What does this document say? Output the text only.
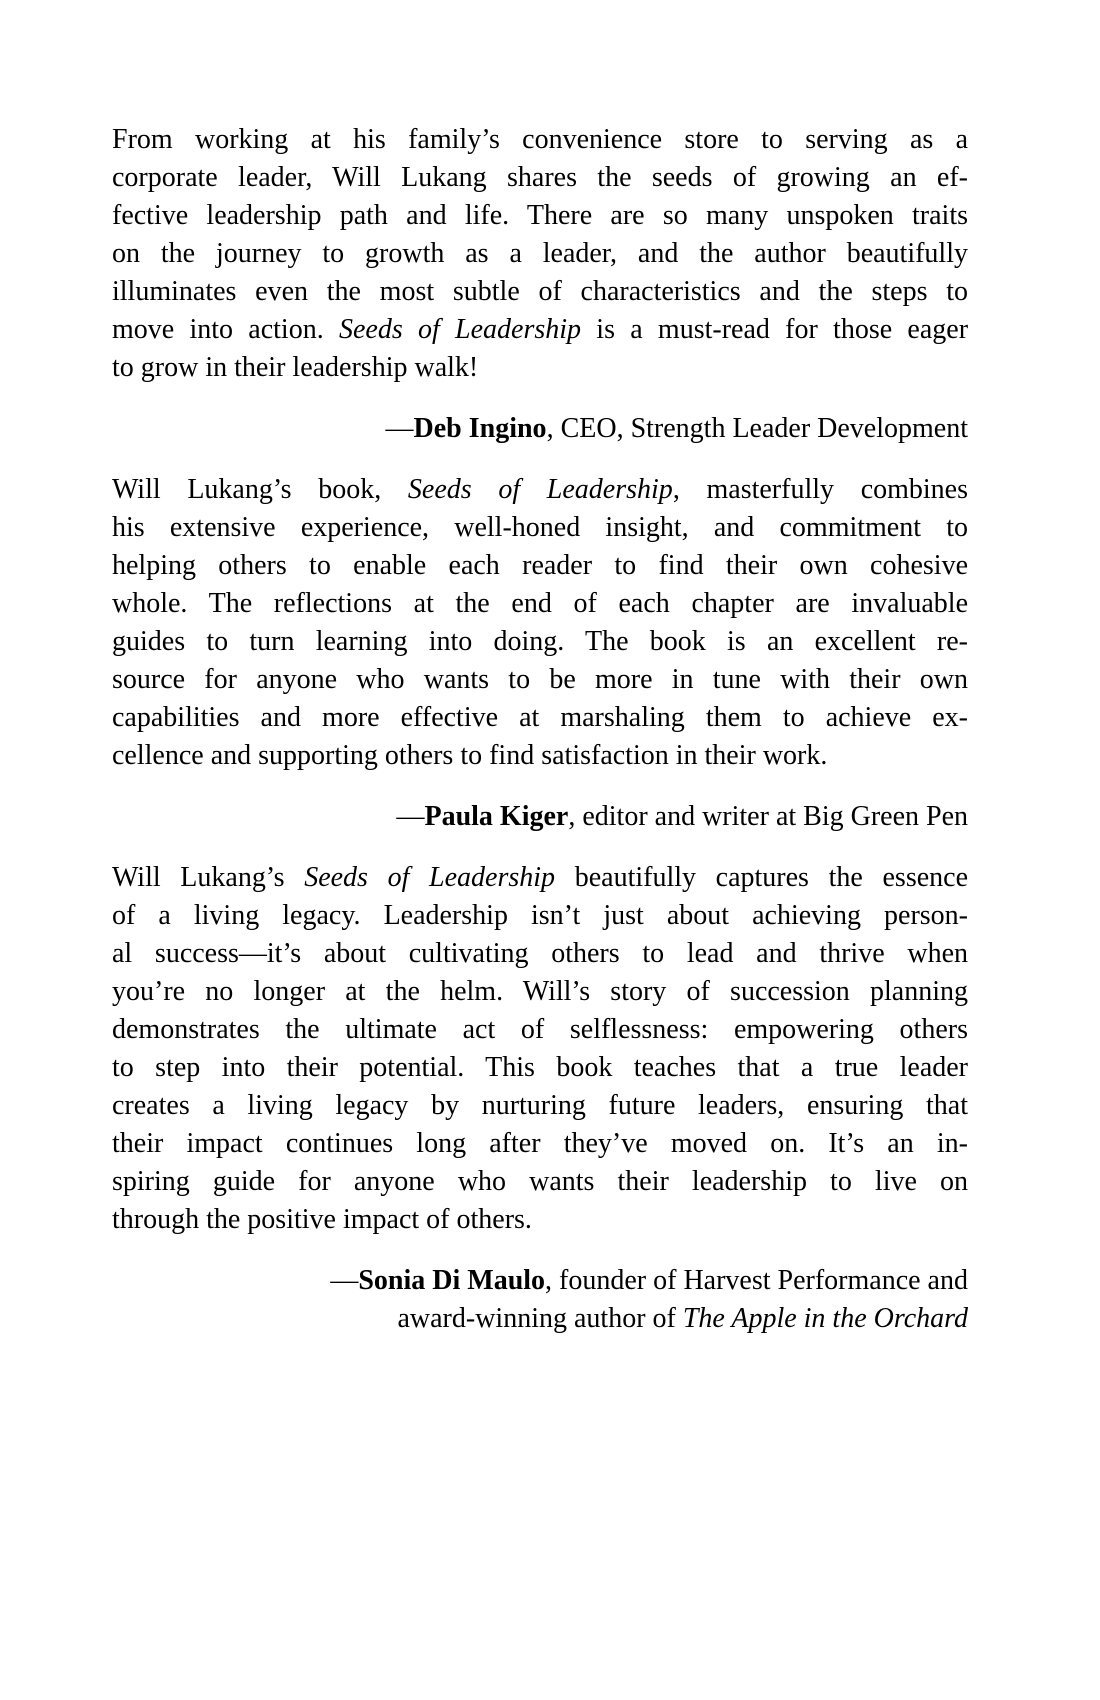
From working at his family’s convenience store to serving as a
corporate leader, Will Lukang shares the seeds of growing an ef-
fective leadership path and life. There are so many unspoken traits
on the journey to growth as a leader, and the author beautifully
illuminates even the most subtle of characteristics and the steps to
move into action. Seeds of Leadership is a must-read for those eager
to grow in their leadership walk!
—Deb Ingino, CEO, Strength Leader Development
Will Lukang’s book, Seeds of Leadership, masterfully combines
his extensive experience, well-honed insight, and commitment to
helping others to enable each reader to find their own cohesive
whole. The reflections at the end of each chapter are invaluable
guides to turn learning into doing. The book is an excellent re-
source for anyone who wants to be more in tune with their own
capabilities and more effective at marshaling them to achieve ex-
cellence and supporting others to find satisfaction in their work.
—Paula Kiger, editor and writer at Big Green Pen
Will Lukang’s Seeds of Leadership beautifully captures the essence
of a living legacy. Leadership isn’t just about achieving person-
al success—it’s about cultivating others to lead and thrive when
you’re no longer at the helm. Will’s story of succession planning
demonstrates the ultimate act of selflessness: empowering others
to step into their potential. This book teaches that a true leader
creates a living legacy by nurturing future leaders, ensuring that
their impact continues long after they’ve moved on. It’s an in-
spiring guide for anyone who wants their leadership to live on
through the positive impact of others.
—Sonia Di Maulo, founder of Harvest Performance and
award-winning author of The Apple in the Orchard
